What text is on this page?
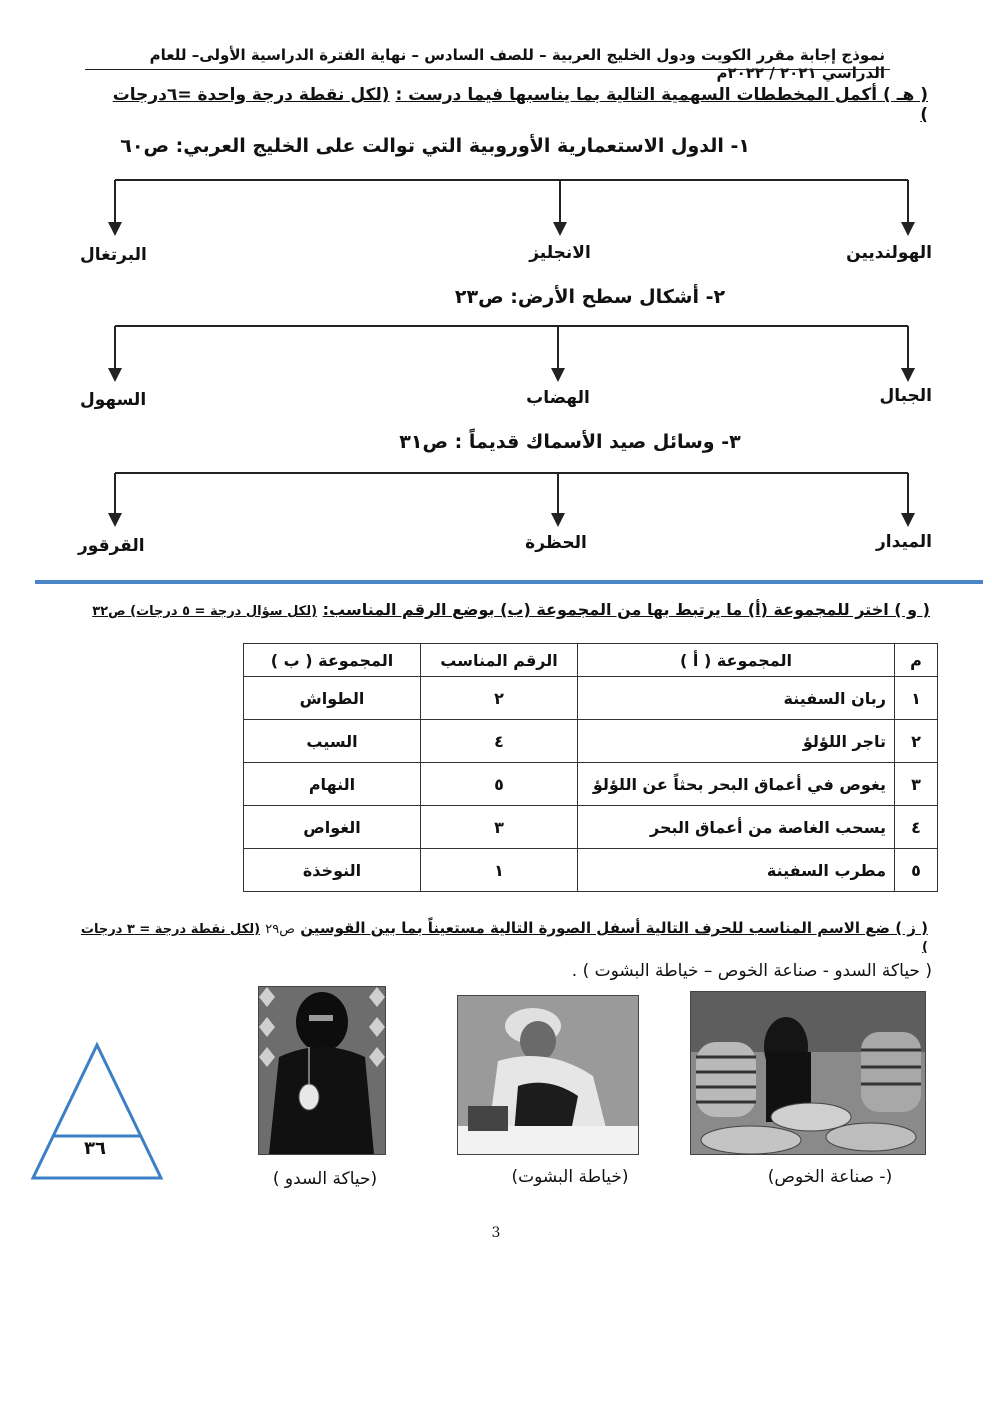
نموذج إجابة مقرر الكويت ودول الخليج العربية – للصف السادس – نهاية الفترة الدراسية الأولى– للعام الدراسي ٢٠٢١ / ٢٠٢٢م
( هـ ) أكمل المخططات السهمية التالية بما يناسبها فيما درست : (لكل نقطة درجة واحدة =٦درجات )
١- الدول الاستعمارية الأوروبية التي توالت على الخليج العربي: ص٦٠
الهولنديين
الانجليز
البرتغال
٢- أشكال سطح الأرض: ص٢٣
الجبال
الهضاب
السهول
٣- وسائل صيد الأسماك قديماً : ص٣١
الميدار
الحظرة
القرقور
( و ) اختر للمجموعة (أ) ما يرتبط بها من المجموعة (ب) بوضع الرقم المناسب: (لكل سؤال درجة = ٥ درجات) ص٣٢
م	المجموعة ( أ )	الرقم المناسب	المجموعة ( ب )
١	ربان السفينة	٢	الطواش
٢	تاجر اللؤلؤ	٤	السيب
٣	يغوص في أعماق البحر بحثاً عن اللؤلؤ	٥	النهام
٤	يسحب الغاصة من أعماق البحر	٣	الغواص
٥	مطرب السفينة	١	النوخذة
( ز ) ضع الاسم المناسب للحرف التالية أسفل الصورة التالية مستعيناً بما بين القوسين ص٢٩ (لكل نقطة درجة = ٣ درجات )
( حياكة السدو - صناعة الخوص – خياطة البشوت ) .
(- صناعة الخوص)
(خياطة البشوت)
(حياكة السدو )
٣٦
3
